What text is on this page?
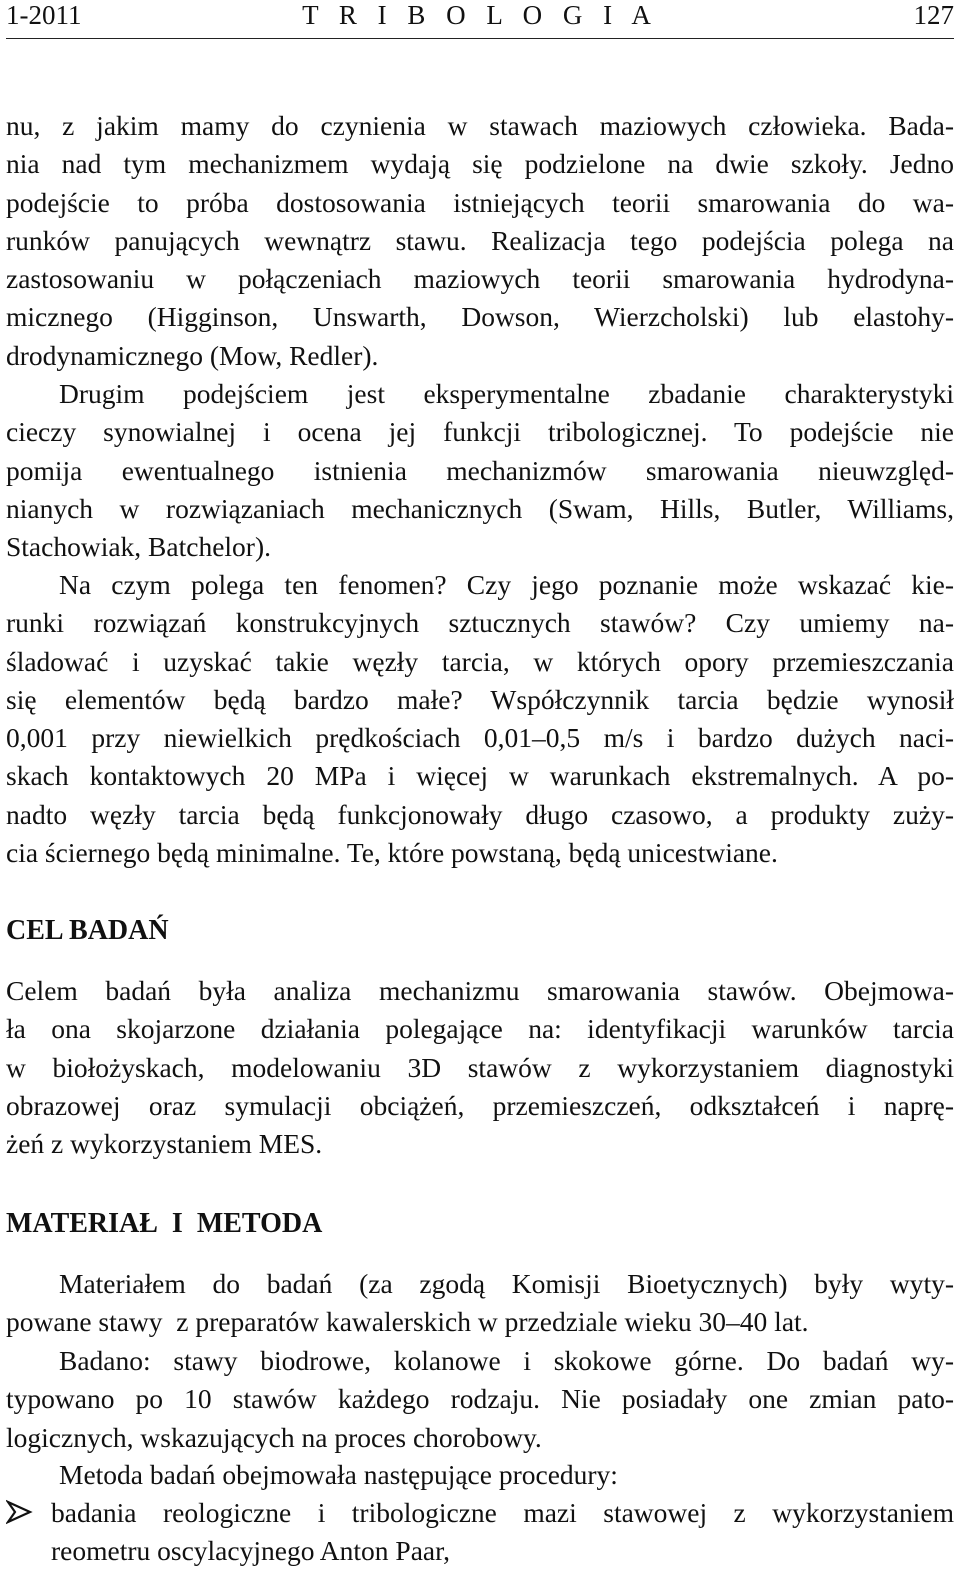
1-2011	T R I B O L O G I A	127
nu, z jakim mamy do czynienia w stawach maziowych człowieka. Bada-
nia nad tym mechanizmem wydają się podzielone na dwie szkoły. Jedno
podejście to próba dostosowania istniejących teorii smarowania do wa-
runków panujących wewnątrz stawu. Realizacja tego podejścia polega na
zastosowaniu w połączeniach maziowych teorii smarowania hydrodyna-
micznego (Higginson, Unswarth, Dowson, Wierzcholski) lub elastohy-
drodynamicznego (Mow, Redler).
Drugim podejściem jest eksperymentalne zbadanie charakterystyki
cieczy synowialnej i ocena jej funkcji tribologicznej. To podejście nie
pomija ewentualnego istnienia mechanizmów smarowania nieuwzględ-
nianych w rozwiązaniach mechanicznych (Swam, Hills, Butler, Williams,
Stachowiak, Batchelor).
Na czym polega ten fenomen? Czy jego poznanie może wskazać kie-
runki rozwiązań konstrukcyjnych sztucznych stawów? Czy umiemy na-
śladować i uzyskać takie węzły tarcia, w których opory przemieszczania
się elementów będą bardzo małe? Współczynnik tarcia będzie wynosił
0,001 przy niewielkich prędkościach 0,01–0,5 m/s i bardzo dużych naci-
skach kontaktowych 20 MPa i więcej w warunkach ekstremalnych. A po-
nadto węzły tarcia będą funkcjonowały długo czasowo, a produkty zuży-
cia ściernego będą minimalne. Te, które powstaną, będą unicestwiane.
CEL BADAŃ
Celem badań była analiza mechanizmu smarowania stawów. Obejmowa-
ła ona skojarzone działania polegające na: identyfikacji warunków tarcia
w biołożyskach, modelowaniu 3D stawów z wykorzystaniem diagnostyki
obrazowej oraz symulacji obciążeń, przemieszczeń, odkształceń i naprę-
żeń z wykorzystaniem MES.
MATERIAŁ  I  METODA
Materiałem do badań (za zgodą Komisji Bioetycznych) były wyty-
powane stawy  z preparatów kawalerskich w przedziale wieku 30–40 lat.
Badano: stawy biodrowe, kolanowe i skokowe górne. Do badań wy-
typowano po 10 stawów każdego rodzaju. Nie posiadały one zmian pato-
logicznych, wskazujących na proces chorobowy.
Metoda badań obejmowała następujące procedury:
badania reologiczne i tribologiczne mazi stawowej z wykorzystaniem
reometru oscylacyjnego Anton Paar,
